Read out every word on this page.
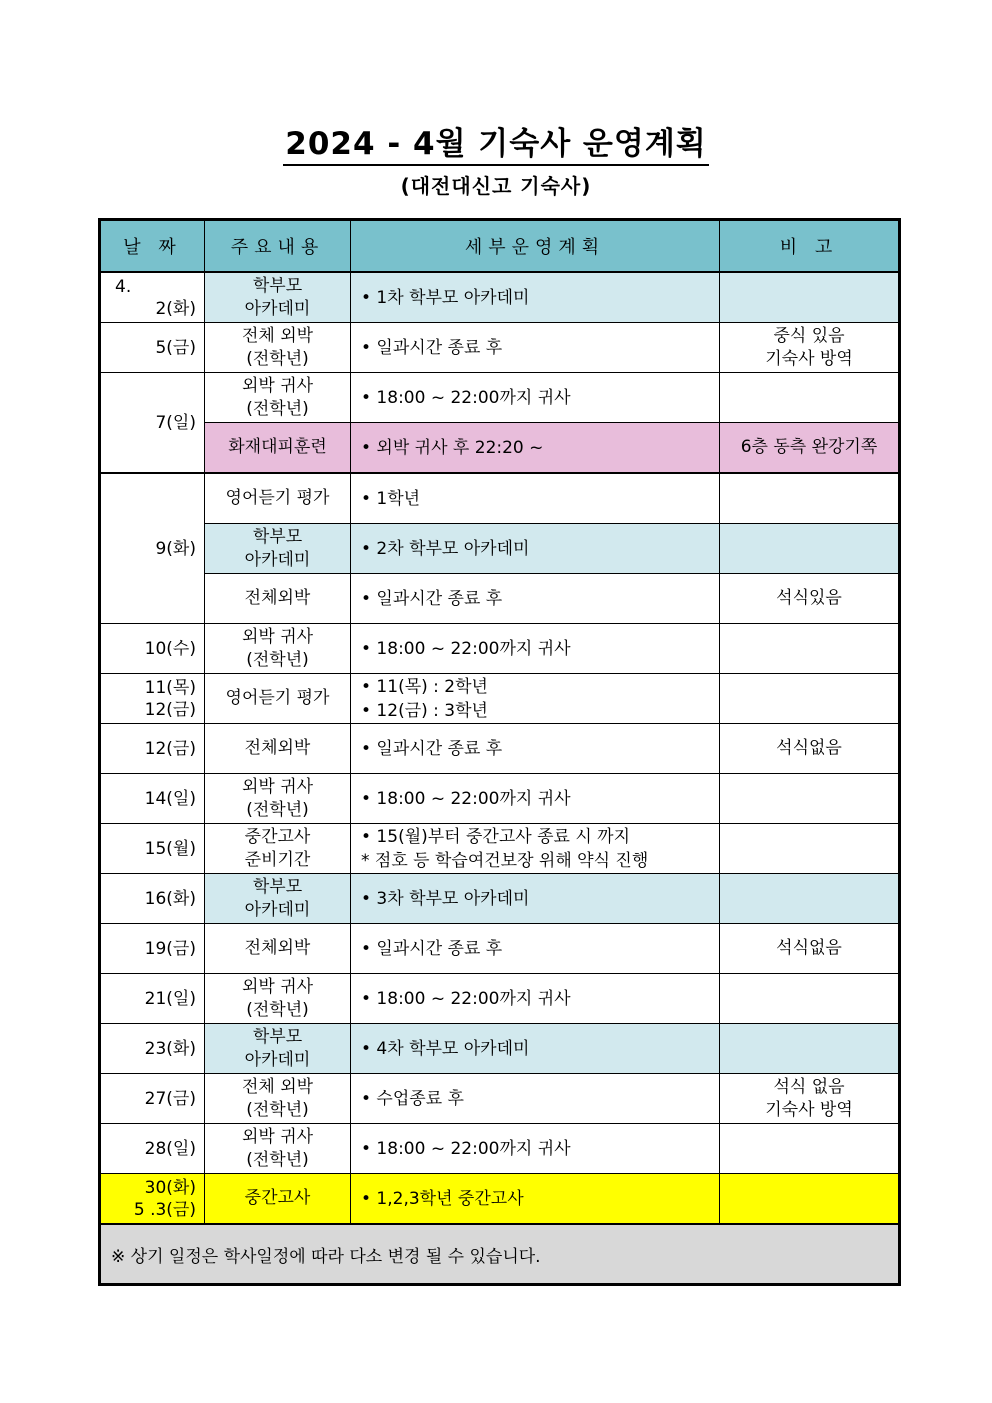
2024 - 4월 기숙사 운영계획
(대전대신고 기숙사)
날 짜	주요내용	세부운영계획	비 고

4.
2(화)	학부모
아카데미	• 1차 학부모 아카데미	
5(금)	전체 외박
(전학년)	• 일과시간 종료 후	중식 있음
기숙사 방역

7(일)	외박 귀사
(전학년)	• 18:00 ~ 22:00까지 귀사	
	화재대피훈련	• 외박 귀사 후 22:20 ~	6층 동측 완강기쪽
9(화)	영어듣기 평가	• 1학년	

	학부모
아카데미	• 2차 학부모 아카데미	
	전체외박	• 일과시간 종료 후	석식있음
10(수)	외박 귀사
(전학년)	• 18:00 ~ 22:00까지 귀사	

11(목)
12(금)	영어듣기 평가	• 11(목) : 2학년
• 12(금) : 3학년	

12(금)	전체외박	• 일과시간 종료 후	석식없음
14(일)	외박 귀사
(전학년)	• 18:00 ~ 22:00까지 귀사	
15(월)	중간고사
준비기간	• 15(월)부터 중간고사 종료 시 까지
* 점호 등 학습여건보장 위해 약식 진행	

16(화)	학부모
아카데미	• 3차 학부모 아카데미	
19(금)	전체외박	• 일과시간 종료 후	석식없음
21(일)	외박 귀사
(전학년)	• 18:00 ~ 22:00까지 귀사	
23(화)	학부모
아카데미	• 4차 학부모 아카데미	
27(금)	전체 외박
(전학년)	• 수업종료 후	석식 없음
기숙사 방역

28(일)	외박 귀사
(전학년)	• 18:00 ~ 22:00까지 귀사	

30(화)
5 .3(금)	중간고사	• 1,2,3학년 중간고사	
※ 상기 일정은 학사일정에 따라 다소 변경 될 수 있습니다.			
